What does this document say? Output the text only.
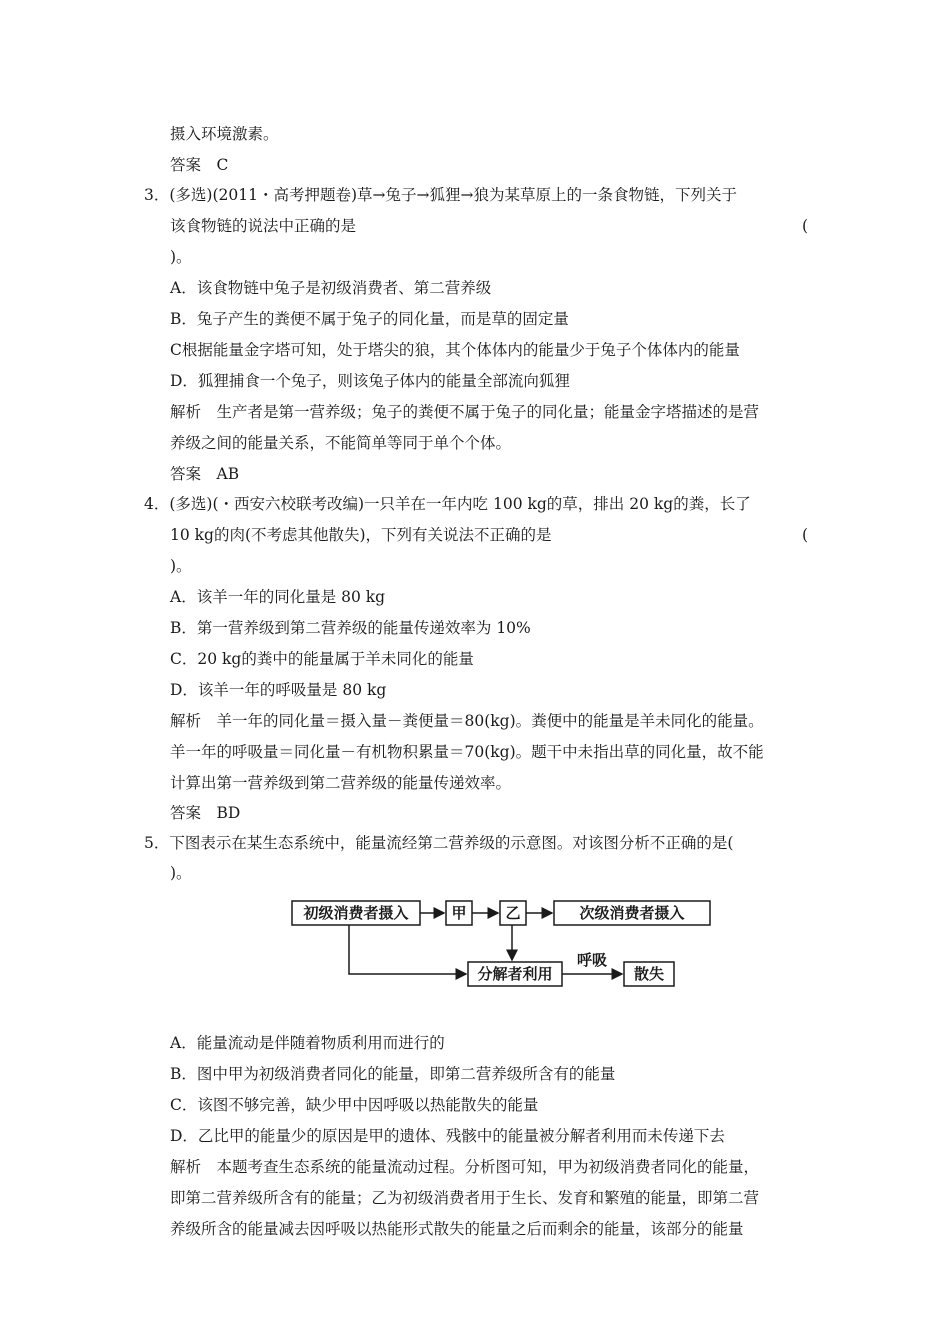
摄入环境激素。
答案　C
3．(多选)(2011・高考押题卷)草→兔子→狐狸→狼为某草原上的一条食物链，下列关于
该食物链的说法中正确的是	(
)。
A．该食物链中兔子是初级消费者、第二营养级
B．兔子产生的粪便不属于兔子的同化量，而是草的固定量
C根据能量金字塔可知，处于塔尖的狼，其个体体内的能量少于兔子个体体内的能量
D．狐狸捕食一个兔子，则该兔子体内的能量全部流向狐狸
解析　生产者是第一营养级；兔子的粪便不属于兔子的同化量；能量金字塔描述的是营
养级之间的能量关系，不能简单等同于单个个体。
答案　AB
4．(多选)(・西安六校联考改编)一只羊在一年内吃 100 kg的草，排出 20 kg的粪，长了
10 kg的肉(不考虑其他散失)，下列有关说法不正确的是	(
)。
A．该羊一年的同化量是 80 kg
B．第一营养级到第二营养级的能量传递效率为 10%
C．20 kg的粪中的能量属于羊未同化的能量
D．该羊一年的呼吸量是 80 kg
解析　羊一年的同化量＝摄入量－粪便量＝80(kg)。粪便中的能量是羊未同化的能量。
羊一年的呼吸量＝同化量－有机物积累量＝70(kg)。题干中未指出草的同化量，故不能
计算出第一营养级到第二营养级的能量传递效率。
答案　BD
5．下图表示在某生态系统中，能量流经第二营养级的示意图。对该图分析不正确的是(
)。
初级消费者摄入	甲	乙	次级消费者摄入
分解者利用
呼吸
散失
A．能量流动是伴随着物质利用而进行的
B．图中甲为初级消费者同化的能量，即第二营养级所含有的能量
C．该图不够完善，缺少甲中因呼吸以热能散失的能量
D．乙比甲的能量少的原因是甲的遗体、残骸中的能量被分解者利用而未传递下去
解析　本题考查生态系统的能量流动过程。分析图可知，甲为初级消费者同化的能量，
即第二营养级所含有的能量；乙为初级消费者用于生长、发育和繁殖的能量，即第二营
养级所含的能量减去因呼吸以热能形式散失的能量之后而剩余的能量，该部分的能量
